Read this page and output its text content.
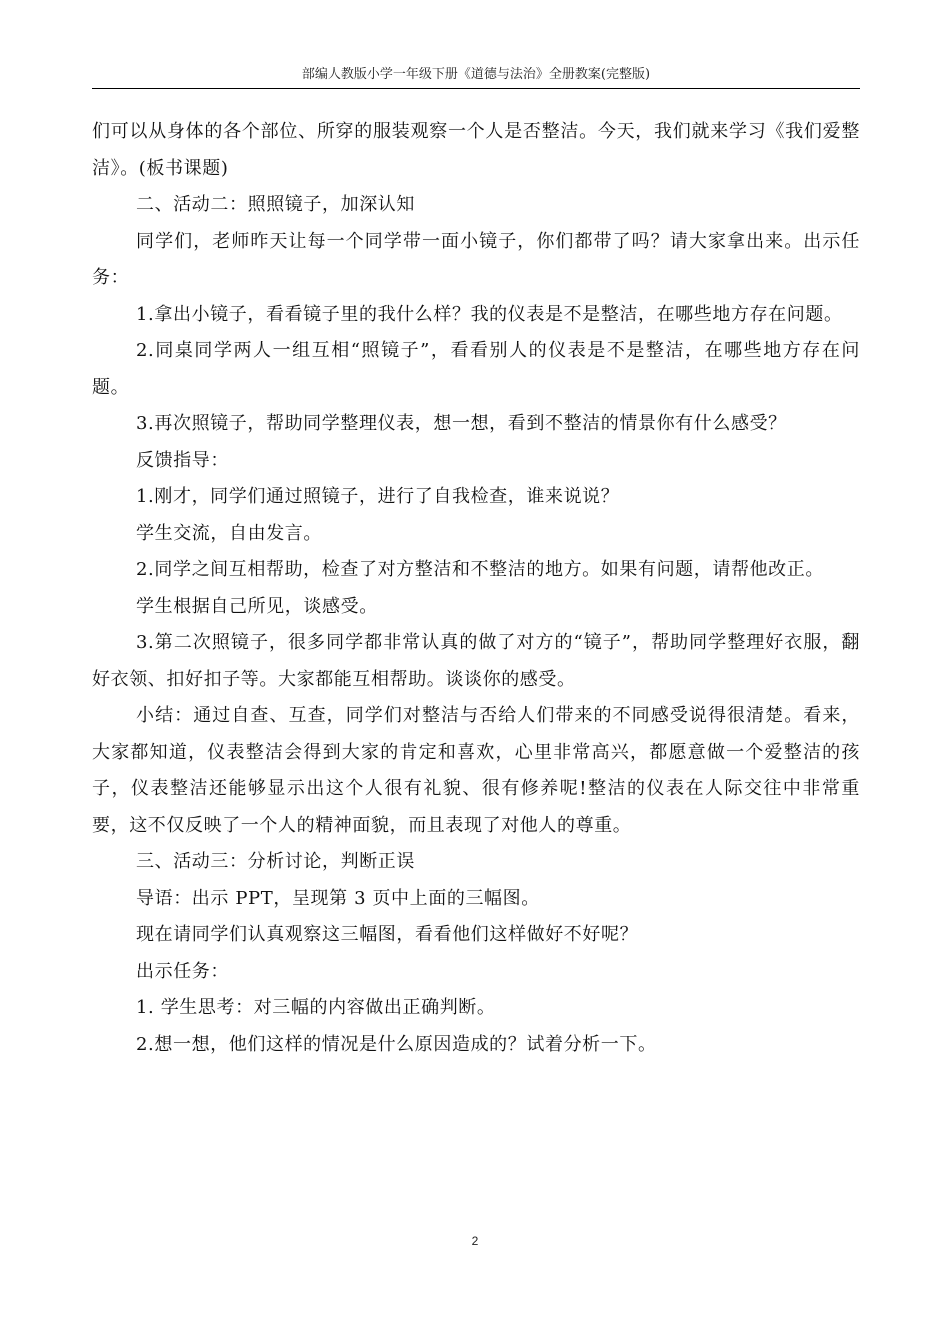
部编人教版小学一年级下册《道德与法治》全册教案(完整版)

们可以从身体的各个部位、所穿的服装观察一个人是否整洁。今天，我们就来学习《我们爱整洁》。(板书课题)

二、活动二：照照镜子，加深认知

同学们，老师昨天让每一个同学带一面小镜子，你们都带了吗？请大家拿出来。出示任务：

1.拿出小镜子，看看镜子里的我什么样？我的仪表是不是整洁，在哪些地方存在问题。

2.同桌同学两人一组互相“照镜子”，看看别人的仪表是不是整洁，在哪些地方存在问题。

3.再次照镜子，帮助同学整理仪表，想一想，看到不整洁的情景你有什么感受？

反馈指导：

1.刚才，同学们通过照镜子，进行了自我检查，谁来说说？

学生交流，自由发言。

2.同学之间互相帮助，检查了对方整洁和不整洁的地方。如果有问题，请帮他改正。

学生根据自己所见，谈感受。

3.第二次照镜子，很多同学都非常认真的做了对方的“镜子”，帮助同学整理好衣服，翻好衣领、扣好扣子等。大家都能互相帮助。谈谈你的感受。

小结：通过自查、互查，同学们对整洁与否给人们带来的不同感受说得很清楚。看来，大家都知道，仪表整洁会得到大家的肯定和喜欢，心里非常高兴，都愿意做一个爱整洁的孩子，仪表整洁还能够显示出这个人很有礼貌、很有修养呢!整洁的仪表在人际交往中非常重要，这不仅反映了一个人的精神面貌，而且表现了对他人的尊重。

三、活动三：分析讨论，判断正误

导语：出示 PPT，呈现第 3 页中上面的三幅图。

现在请同学们认真观察这三幅图，看看他们这样做好不好呢？

出示任务：

1. 学生思考：对三幅的内容做出正确判断。

2.想一想，他们这样的情况是什么原因造成的？试着分析一下。

2
